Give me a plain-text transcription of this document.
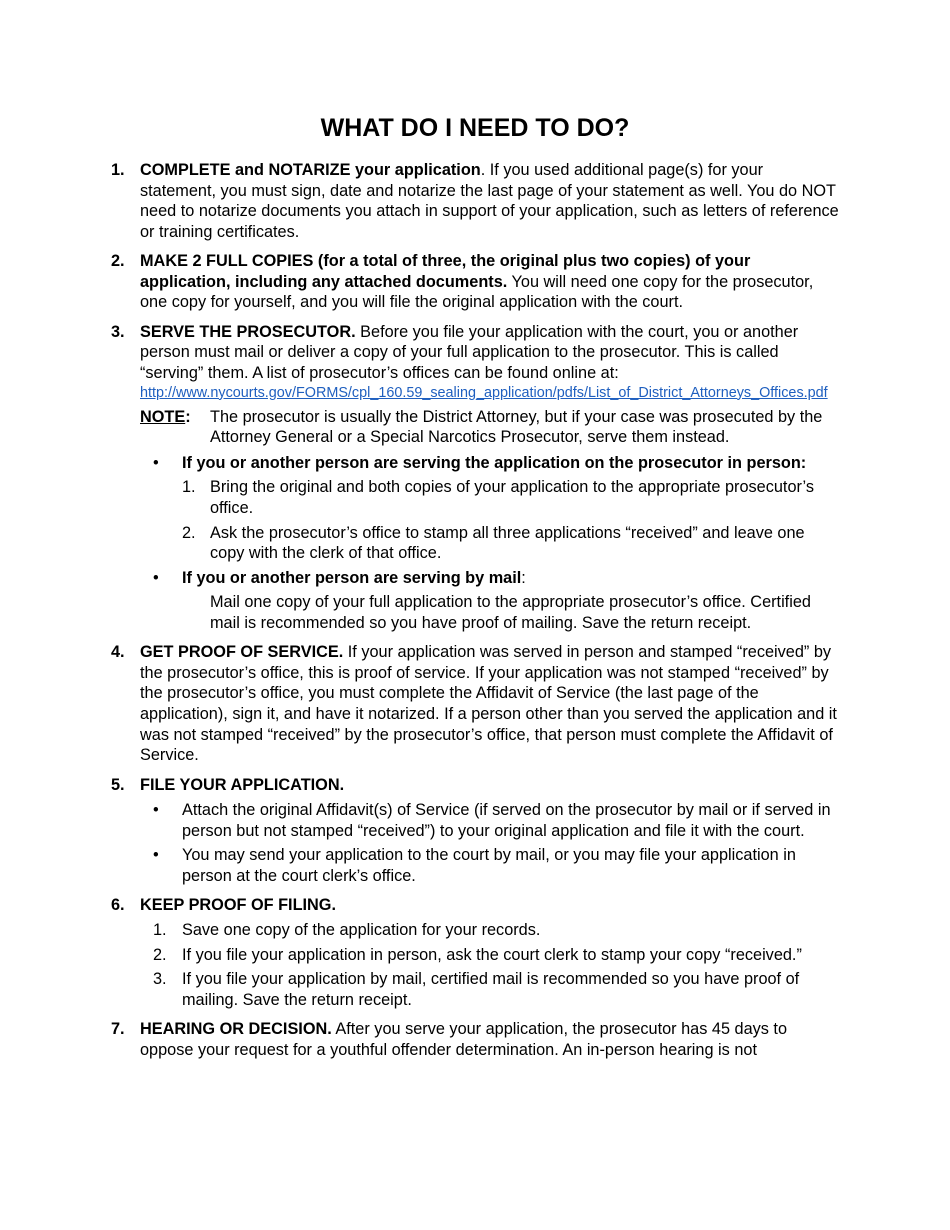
WHAT DO I NEED TO DO?
1. COMPLETE and NOTARIZE your application. If you used additional page(s) for your statement, you must sign, date and notarize the last page of your statement as well. You do NOT need to notarize documents you attach in support of your application, such as letters of reference or training certificates.

2. MAKE 2 FULL COPIES (for a total of three, the original plus two copies) of your application, including any attached documents. You will need one copy for the prosecutor, one copy for yourself, and you will file the original application with the court.

3. SERVE THE PROSECUTOR. Before you file your application with the court, you or another person must mail or deliver a copy of your full application to the prosecutor. This is called “serving” them. A list of prosecutor’s offices can be found online at:

http://www.nycourts.gov/FORMS/cpl_160.59_sealing_application/pdfs/List_of_District_Attorneys_Offices.pdf
NOTE: The prosecutor is usually the District Attorney, but if your case was prosecuted by the Attorney General or a Special Narcotics Prosecutor, serve them instead.
• If you or another person are serving the application on the prosecutor in person:
1. Bring the original and both copies of your application to the appropriate prosecutor’s office.
2. Ask the prosecutor’s office to stamp all three applications “received” and leave one copy with the clerk of that office.
• If you or another person are serving by mail:
Mail one copy of your full application to the appropriate prosecutor’s office. Certified mail is recommended so you have proof of mailing. Save the return receipt.
4. GET PROOF OF SERVICE. If your application was served in person and stamped “received” by the prosecutor’s office, this is proof of service. If your application was not stamped “received” by the prosecutor’s office, you must complete the Affidavit of Service (the last page of the application), sign it, and have it notarized. If a person other than you served the application and it was not stamped “received” by the prosecutor’s office, that person must complete the Affidavit of Service.

5. FILE YOUR APPLICATION.

• Attach the original Affidavit(s) of Service (if served on the prosecutor by mail or if served in person but not stamped “received”) to your original application and file it with the court.
• You may send your application to the court by mail, or you may file your application in person at the court clerk’s office.
6. KEEP PROOF OF FILING.

1. Save one copy of the application for your records.
2. If you file your application in person, ask the court clerk to stamp your copy “received.”
3. If you file your application by mail, certified mail is recommended so you have proof of mailing. Save the return receipt.
7. HEARING OR DECISION. After you serve your application, the prosecutor has 45 days to oppose your request for a youthful offender determination. An in-person hearing is not
